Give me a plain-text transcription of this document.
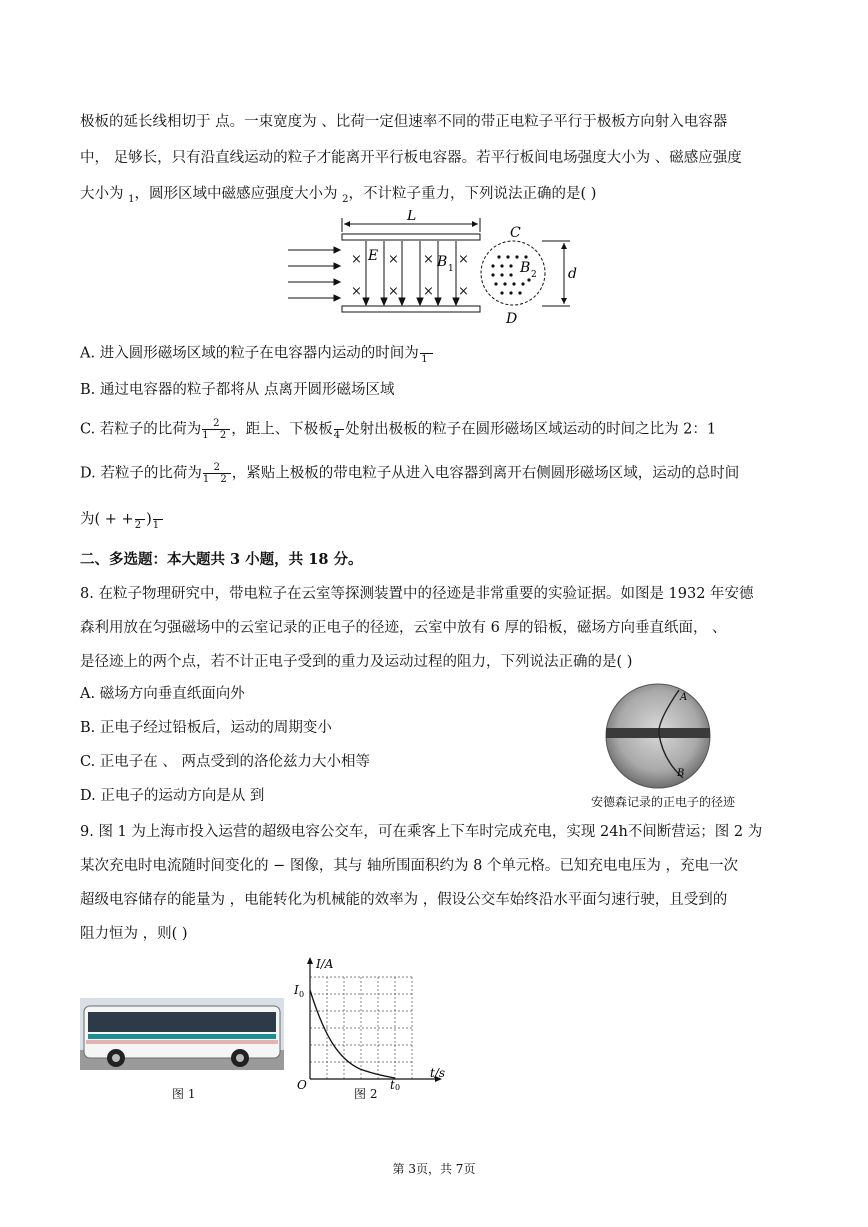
极板的延长线相切于 点。一束宽度为 、比荷一定但速率不同的带正电粒子平行于极板方向射入电容器
中， 足够长，只有沿直线运动的粒子才能离开平行板电容器。若平行板间电场强度大小为 、磁感应强度
大小为 $_1$，圆形区域中磁感应强度大小为 $_2$，不计粒子重力，下列说法正确的是( )
L
× × × ×
× × × ×
E	B 1	B 2
C
D
d
A. 进入圆形磁场区域的粒子在电容器内运动的时间为
1
B. 通过电容器的粒子都将从 点离开圆形磁场区域
C. 若粒子的比荷为 $\frac{2}{1 2}$ ，距上、下极板
4 处射出极板的粒子在圆形磁场区域运动的时间之比为 2：1
D. 若粒子的比荷为 $\frac{2}{1 2}$ ，紧贴上极板的带电粒子从进入电容器到离开右侧圆形磁场区域，运动的总时间
为( + +
2 )
1
二、多选题：本大题共 3 小题，共 18 分。
8. 在粒子物理研究中，带电粒子在云室等探测装置中的径迹是非常重要的实验证据。如图是 1932 年安德
森利用放在匀强磁场中的云室记录的正电子的径迹，云室中放有 6 厚的铅板，磁场方向垂直纸面， 、
是径迹上的两个点，若不计正电子受到的重力及运动过程的阻力，下列说法正确的是( )
A. 磁场方向垂直纸面向外
B. 正电子经过铅板后，运动的周期变小
C. 正电子在 、 两点受到的洛伦兹力大小相等
D. 正电子的运动方向是从 到
A
B
安德森记录的正电子的径迹
9. 图 1 为上海市投入运营的超级电容公交车，可在乘客上下车时完成充电，实现 24h不间断营运；图 2 为
某次充电时电流随时间变化的 − 图像，其与 轴所围面积约为 8 个单元格。已知充电电压为 ，充电一次
超级电容储存的能量为 ，电能转化为机械能的效率为 ，假设公交车始终沿水平面匀速行驶，且受到的
阻力恒为 ，则( )
图 1
I/A
t/s
I 0
t 0
O
图 2
第 3页，共 7页
